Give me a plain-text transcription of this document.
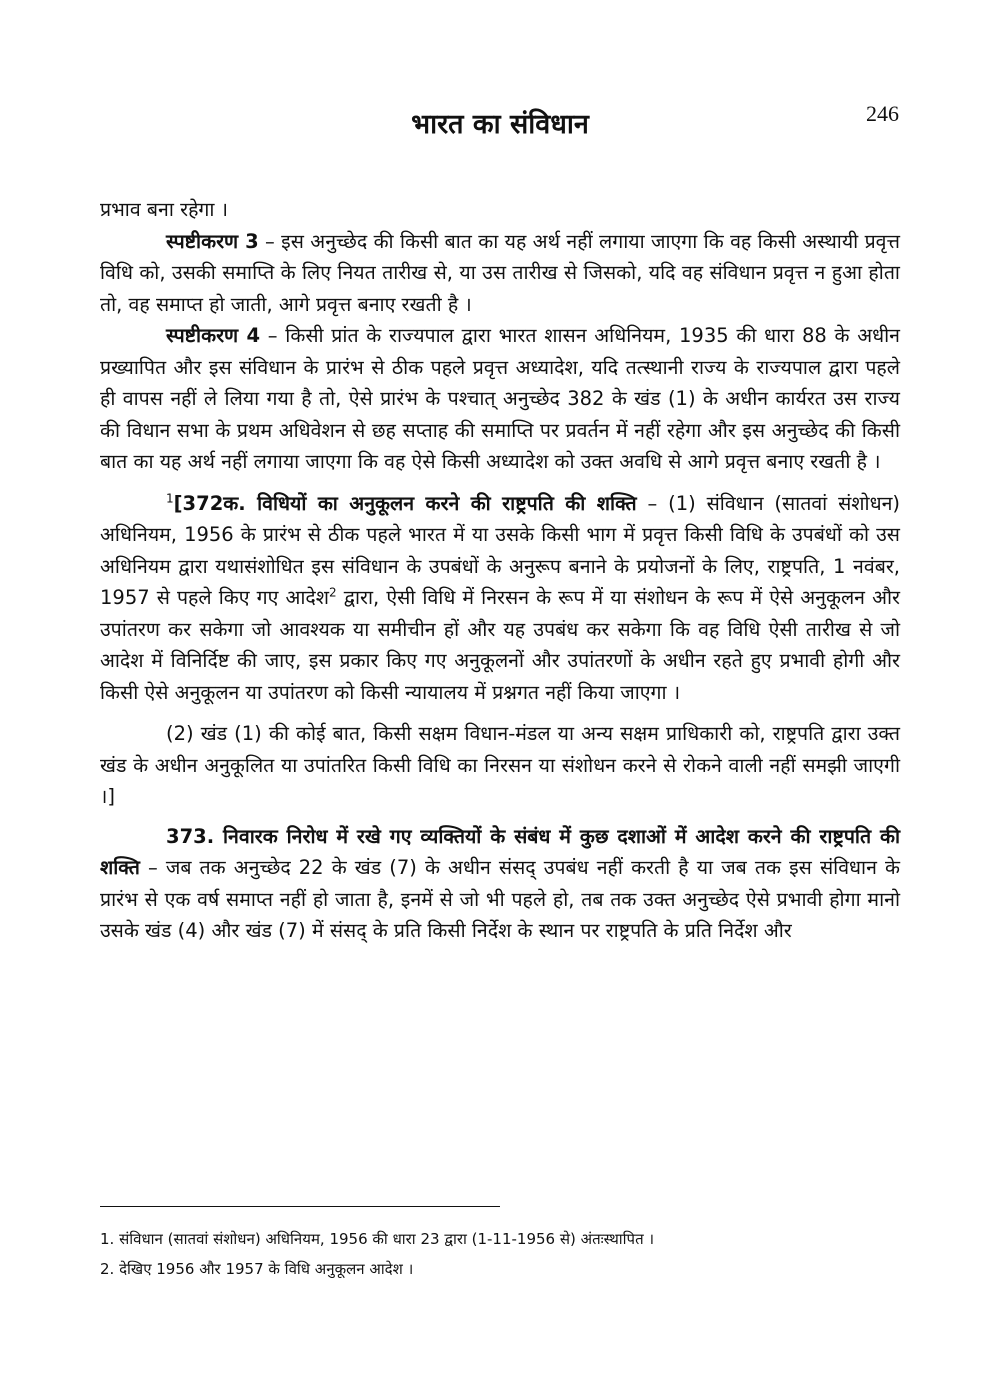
भारत का संविधान	246

प्रभाव बना रहेगा ।

स्पष्टीकरण 3 – इस अनुच्छेद की किसी बात का यह अर्थ नहीं लगाया जाएगा कि वह किसी अस्थायी प्रवृत्त विधि को, उसकी समाप्ति के लिए नियत तारीख से, या उस तारीख से जिसको, यदि वह संविधान प्रवृत्त न हुआ होता तो, वह समाप्त हो जाती, आगे प्रवृत्त बनाए रखती है ।

स्पष्टीकरण 4 – किसी प्रांत के राज्यपाल द्वारा भारत शासन अधिनियम, 1935 की धारा 88 के अधीन प्रख्यापित और इस संविधान के प्रारंभ से ठीक पहले प्रवृत्त अध्यादेश, यदि तत्स्थानी राज्य के राज्यपाल द्वारा पहले ही वापस नहीं ले लिया गया है तो, ऐसे प्रारंभ के पश्चात् अनुच्छेद 382 के खंड (1) के अधीन कार्यरत उस राज्य की विधान सभा के प्रथम अधिवेशन से छह सप्ताह की समाप्ति पर प्रवर्तन में नहीं रहेगा और इस अनुच्छेद की किसी बात का यह अर्थ नहीं लगाया जाएगा कि वह ऐसे किसी अध्यादेश को उक्त अवधि से आगे प्रवृत्त बनाए रखती है ।

$^1$[372क. विधियों का अनुकूलन करने की राष्ट्रपति की शक्ति – (1) संविधान (सातवां संशोधन) अधिनियम, 1956 के प्रारंभ से ठीक पहले भारत में या उसके किसी भाग में प्रवृत्त किसी विधि के उपबंधों को उस अधिनियम द्वारा यथासंशोधित इस संविधान के उपबंधों के अनुरूप बनाने के प्रयोजनों के लिए, राष्ट्रपति, 1 नवंबर, 1957 से पहले किए गए आदेश$^2$ द्वारा, ऐसी विधि में निरसन के रूप में या संशोधन के रूप में ऐसे अनुकूलन और उपांतरण कर सकेगा जो आवश्यक या समीचीन हों और यह उपबंध कर सकेगा कि वह विधि ऐसी तारीख से जो आदेश में विनिर्दिष्ट की जाए, इस प्रकार किए गए अनुकूलनों और उपांतरणों के अधीन रहते हुए प्रभावी होगी और किसी ऐसे अनुकूलन या उपांतरण को किसी न्यायालय में प्रश्नगत नहीं किया जाएगा ।

(2) खंड (1) की कोई बात, किसी सक्षम विधान-मंडल या अन्य सक्षम प्राधिकारी को, राष्ट्रपति द्वारा उक्त खंड के अधीन अनुकूलित या उपांतरित किसी विधि का निरसन या संशोधन करने से रोकने वाली नहीं समझी जाएगी ।]

373. निवारक निरोध में रखे गए व्यक्तियों के संबंध में कुछ दशाओं में आदेश करने की राष्ट्रपति की शक्ति – जब तक अनुच्छेद 22 के खंड (7) के अधीन संसद् उपबंध नहीं करती है या जब तक इस संविधान के प्रारंभ से एक वर्ष समाप्त नहीं हो जाता है, इनमें से जो भी पहले हो, तब तक उक्त अनुच्छेद ऐसे प्रभावी होगा मानो उसके खंड (4) और खंड (7) में संसद् के प्रति किसी निर्देश के स्थान पर राष्ट्रपति के प्रति निर्देश और

1. संविधान (सातवां संशोधन) अधिनियम, 1956 की धारा 23 द्वारा (1-11-1956 से) अंतःस्थापित ।

2. देखिए 1956 और 1957 के विधि अनुकूलन आदेश ।
